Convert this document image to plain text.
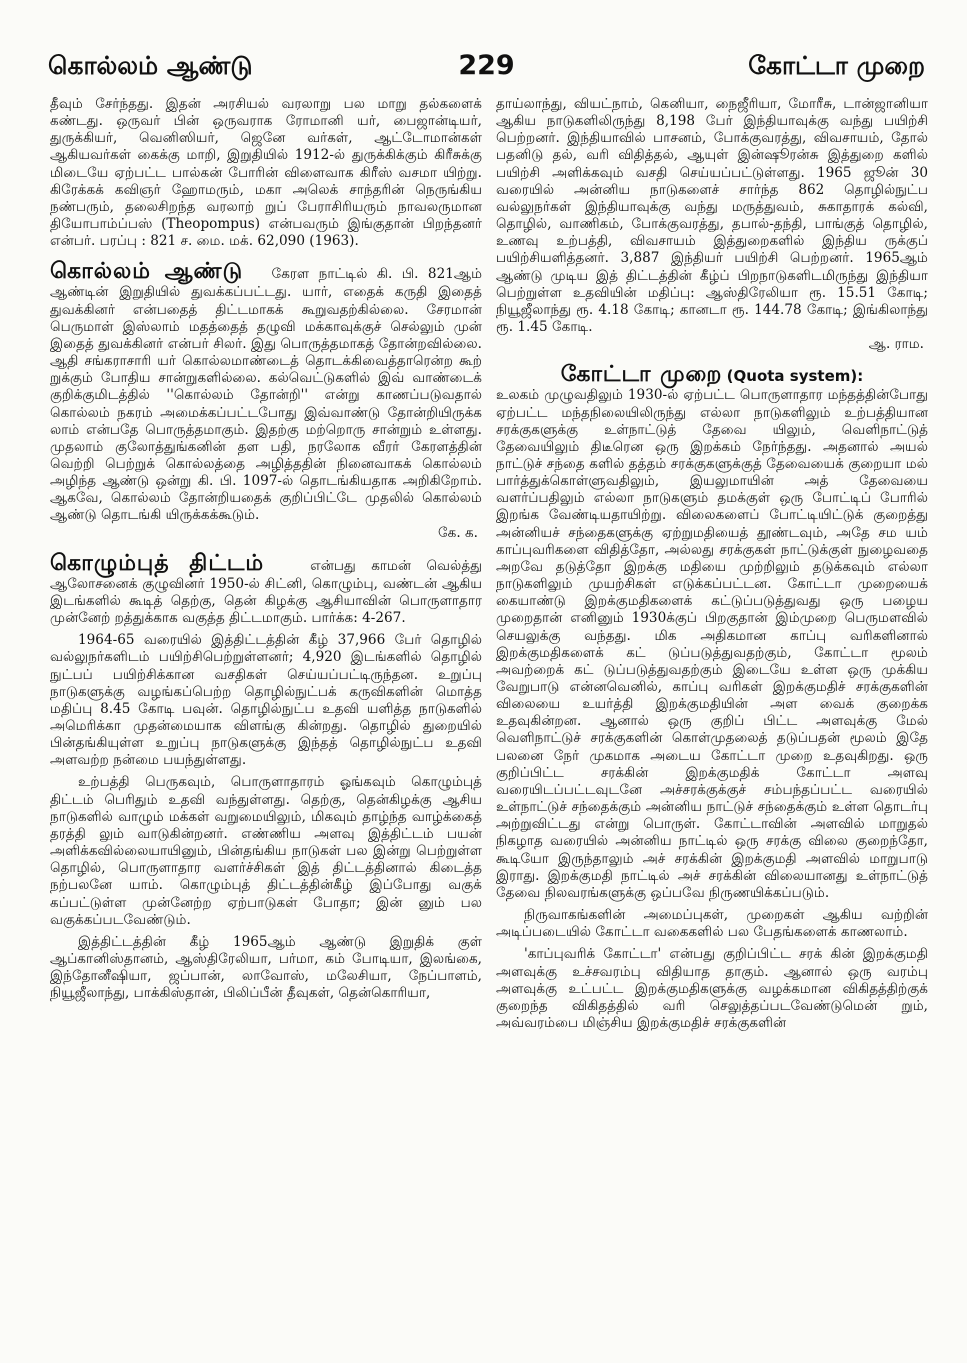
229
கொல்லம் ஆண்டு	கோட்டா முறை

தீவும் சேர்ந்தது. இதன் அரசியல் வரலாறு பல மாறு தல்களைக் கண்டது. ஒருவர் பின் ஒருவராக ரோமானி யர், பைஜான்டியர், துருக்கியர், வெனிஸியர், ஜெனே வர்கள், ஆட்டோமான்கள் ஆகியவர்கள் கைக்கு மாறி, இறுதியில் 1912-ல் துருக்கிக்கும் கிரீசுக்கு மிடையே ஏற்பட்ட பால்கன் போரின் விளைவாக கிரீஸ் வசமா யிற்று. கிரேக்கக் கவிஞர் ஹோமரும், மகா அலெக் சாந்தரின் நெருங்கிய நண்பரும், தலைசிறந்த வரலாற் றுப் பேராசிரியரும் நாவலருமான தியோபாம்ப்பஸ் (Theopompus) என்பவரும் இங்குதான் பிறந்தனர் என்பர். பரப்பு : 821 ச. மை. மக். 62,090 (1963).

கொல்லம் ஆண்டு கேரள நாட்டில் கி. பி. 821ஆம் ஆண்டின் இறுதியில் துவக்கப்பட்டது. யார், எதைக் கருதி இதைத் துவக்கினர் என்பதைத் திட்டமாகக் கூறுவதற்கில்லை. சேரமான் பெருமாள் இஸ்லாம் மதத்தைத் தழுவி மக்காவுக்குச் செல்லும் முன் இதைத் துவக்கினர் என்பர் சிலர். இது பொருத்தமாகத் தோன்றவில்லை. ஆதி சங்கராசாரி யர் கொல்லமாண்டைத் தொடக்கிவைத்தாரென்ற கூற் றுக்கும் போதிய சான்றுகளில்லை. கல்வெட்டுகளில் இவ் வாண்டைக் குறிக்குமிடத்தில் ''கொல்லம் தோன்றி'' என்று காணப்படுவதால் கொல்லம் நகரம் அமைக்கப்பட்டபோது இவ்வாண்டு தோன்றியிருக்க லாம் என்பதே பொருத்தமாகும். இதற்கு மற்றொரு சான்றும் உள்ளது. முதலாம் குலோத்துங்கனின் தள பதி, நரலோக வீரர் கேரளத்தின் வெற்றி பெற்றுக் கொல்லத்தை அழித்ததின் நினைவாகக் கொல்லம் அழிந்த ஆண்டு ஒன்று கி. பி. 1097-ல் தொடங்கியதாக அறிகிறோம். ஆகவே, கொல்லம் தோன்றியதைக் குறிப்பிட்டே முதலில் கொல்லம் ஆண்டு தொடங்கி யிருக்கக்கூடும்.
கே. க.

கொழும்புத் திட்டம்	என்பது காமன் வெல்த்து ஆலோசனைக் குழுவினர் 1950-ல் சிட்னி, கொழும்பு, வண்டன் ஆகிய இடங்களில் கூடித் தெற்கு, தென் கிழக்கு ஆசியாவின் பொருளாதார முன்னேற் றத்துக்காக வகுத்த திட்டமாகும். பார்க்க: 4-267.

1964-65 வரையில் இத்திட்டத்தின் கீழ் 37,966 பேர் தொழில் வல்லுநர்களிடம் பயிற்சிபெற்றுள்ளனர்; 4,920 இடங்களில் தொழில் நுட்பப் பயிற்சிக்கான வசதிகள் செய்யப்பட்டிருந்தன. உறுப்பு நாடுகளுக்கு வழங்கப்பெற்ற தொழில்நுட்பக் கருவிகளின் மொத்த மதிப்பு 8.45 கோடி பவுன். தொழில்நுட்ப உதவி யளித்த நாடுகளில் அமெரிக்கா முதன்மையாக விளங்கு கின்றது. தொழில் துறையில் பின்தங்கியுள்ள உறுப்பு நாடுகளுக்கு இந்தத் தொழில்நுட்ப உதவி அளவற்ற நன்மை பயந்துள்ளது.

உற்பத்தி பெருகவும், பொருளாதாரம் ஓங்கவும் கொழும்புத் திட்டம் பெரிதும் உதவி வந்துள்ளது. தெற்கு, தென்கிழக்கு ஆசிய நாடுகளில் வாழும் மக்கள் வறுமையிலும், மிகவும் தாழ்ந்த வாழ்க்கைத் தரத்தி லும் வாடுகின்றனர். எண்ணிய அளவு இத்திட்டம் பயன் அளிக்கவில்லையாயினும், பின்தங்கிய நாடுகள் பல இன்று பெற்றுள்ள தொழில், பொருளாதார வளர்ச்சிகள் இத் திட்டத்தினால் கிடைத்த நற்பலனே யாம். கொழும்புத் திட்டத்தின்கீழ் இப்போது வகுக் கப்பட்டுள்ள முன்னேற்ற ஏற்பாடுகள் போதா; இன் னும் பல வகுக்கப்படவேண்டும்.

இத்திட்டத்தின் கீழ் 1965ஆம் ஆண்டு இறுதிக் குள் ஆப்கானிஸ்தானம், ஆஸ்திரேலியா, பர்மா, கம் போடியா, இலங்கை, இந்தோனீஷியா, ஜப்பான், லாவோஸ், மலேசியா, நேப்பாளம், நியூஜீலாந்து, பாக்கிஸ்தான், பிலிப்பீன் தீவுகள், தென்கொரியா,

தாய்லாந்து, வியட்நாம், கெனியா, நைஜீரியா, மோரீசு, டான்ஜானியா ஆகிய நாடுகளிலிருந்து 8,198 பேர் இந்தியாவுக்கு வந்து பயிற்சி பெற்றனர். இந்தியாவில் பாசனம், போக்குவரத்து, விவசாயம், தோல் பதனிடு தல், வரி விதித்தல், ஆயுள் இன்ஷூரன்சு இத்துறை களில் பயிற்சி அளிக்கவும் வசதி செய்யப்பட்டுள்ளது. 1965 ஜூன் 30 வரையில் அன்னிய நாடுகளைச் சார்ந்த 862 தொழில்நுட்ப வல்லுநர்கள் இந்தியாவுக்கு வந்து மருத்துவம், சுகாதாரக் கல்வி, தொழில், வாணிகம், போக்குவரத்து, தபால்-தந்தி, பாங்குத் தொழில், உணவு உற்பத்தி, விவசாயம் இத்துறைகளில் இந்திய ருக்குப் பயிற்சியளித்தனர். 3,887 இந்தியர் பயிற்சி பெற்றனர். 1965ஆம் ஆண்டு முடிய இத் திட்டத்தின் கீழ்ப் பிறநாடுகளிடமிருந்து இந்தியா பெற்றுள்ள உதவியின் மதிப்பு: ஆஸ்திரேலியா ரூ. 15.51 கோடி; நியூஜீலாந்து ரூ. 4.18 கோடி; கானடா ரூ. 144.78 கோடி; இங்கிலாந்து ரூ. 1.45 கோடி.
ஆ. ராம.

கோட்டா முறை (Quota system):

உலகம் முழுவதிலும் 1930-ல் ஏற்பட்ட பொருளாதார மந்தத்தின்போது ஏற்பட்ட மந்தநிலையிலிருந்து எல்லா நாடுகளிலும் உற்பத்தியான சரக்குகளுக்கு உள்நாட்டுத் தேவை யிலும், வெளிநாட்டுத் தேவையிலும் திடீரென ஒரு இறக்கம் நேர்ந்தது. அதனால் அயல் நாட்டுச் சந்தை களில் தத்தம் சரக்குகளுக்குத் தேவையைக் குறையா மல் பார்த்துக்கொள்ளுவதிலும், இயலுமாயின் அத் தேவையை வளர்ப்பதிலும் எல்லா நாடுகளும் தமக்குள் ஒரு போட்டிப் போரில் இறங்க வேண்டியதாயிற்று. விலைகளைப் போட்டியிட்டுக் குறைத்து அன்னியச் சந்தைகளுக்கு ஏற்றுமதியைத் தூண்டவும், அதே சம யம் காப்புவரிகளை விதித்தோ, அல்லது சரக்குகள் நாட்டுக்குள் நுழைவதை அறவே தடுத்தோ இறக்கு மதியை முற்றிலும் தடுக்கவும் எல்லா நாடுகளிலும் முயற்சிகள் எடுக்கப்பட்டன. கோட்டா முறையைக் கையாண்டு இறக்குமதிகளைக் கட்டுப்படுத்துவது ஒரு பழைய முறைதான் எனினும் 1930க்குப் பிறகுதான் இம்முறை பெருமளவில் செயலுக்கு வந்தது. மிக அதிகமான காப்பு வரிகளினால் இறக்குமதிகளைக் கட் டுப்படுத்துவதற்கும், கோட்டா மூலம் அவற்றைக் கட் டுப்படுத்துவதற்கும் இடையே உள்ள ஒரு முக்கிய வேறுபாடு என்னவெனில், காப்பு வரிகள் இறக்குமதிச் சரக்குகளின் விலையை உயர்த்தி இறக்குமதியின் அள வைக் குறைக்க உதவுகின்றன. ஆனால் ஒரு குறிப் பிட்ட அளவுக்கு மேல் வெளிநாட்டுச் சரக்குகளின் கொள்முதலைத் தடுப்பதன் மூலம் இதே பலனை நேர் முகமாக அடைய கோட்டா முறை உதவுகிறது. ஒரு குறிப்பிட்ட சரக்கின் இறக்குமதிக் கோட்டா அளவு வரையிடப்பட்டவுடனே அச்சரக்குக்குச் சம்பந்தப்பட்ட வரையில் உள்நாட்டுச் சந்தைக்கும் அன்னிய நாட்டுச் சந்தைக்கும் உள்ள தொடர்பு அற்றுவிட்டது என்று பொருள். கோட்டாவின் அளவில் மாறுதல் நிகழாத வரையில் அன்னிய நாட்டில் ஒரு சரக்கு விலை குறைந்தோ, கூடியோ இருந்தாலும் அச் சரக்கின் இறக்குமதி அளவில் மாறுபாடு இராது. இறக்குமதி நாட்டில் அச் சரக்கின் விலையானது உள்நாட்டுத் தேவை நிலவரங்களுக்கு ஒப்பவே நிருணயிக்கப்படும்.

நிருவாகங்களின் அமைப்புகள், முறைகள் ஆகிய வற்றின் அடிப்படையில் கோட்டா வகைகளில் பல பேதங்களைக் காணலாம்.

'காப்புவரிக் கோட்டா' என்பது குறிப்பிட்ட சரக் கின் இறக்குமதி அளவுக்கு உச்சவரம்பு விதியாத தாகும். ஆனால் ஒரு வரம்பு அளவுக்கு உட்பட்ட இறக்குமதிகளுக்கு வழக்கமான விகிதத்திற்குக் குறைந்த விகிதத்தில் வரி செலுத்தப்படவேண்டுமென் றும், அவ்வரம்பை மிஞ்சிய இறக்குமதிச் சரக்குகளின்
